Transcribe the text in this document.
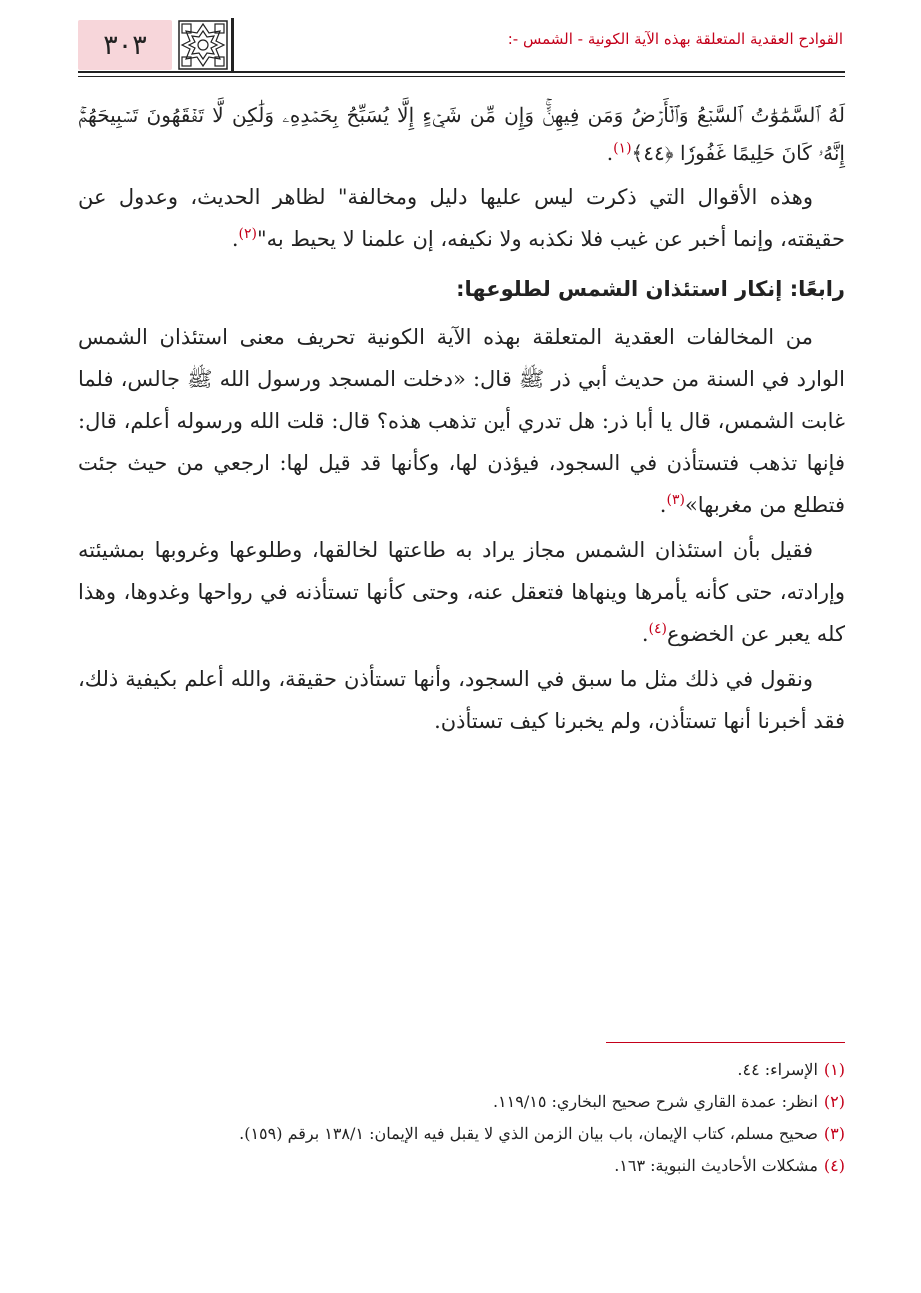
٣٠٣	القوادح العقدية المتعلقة بهذه الآية الكونية - الشمس -:

لَهُ ٱلسَّمَٰوَٰتُ ٱلسَّبۡعُ وَٱلۡأَرۡضُ وَمَن فِيهِنَّۚ وَإِن مِّن شَيۡءٍ إِلَّا يُسَبِّحُ بِحَمۡدِهِۦ وَلَٰكِن لَّا تَفۡقَهُونَ تَسۡبِيحَهُمۡۚ إِنَّهُۥ كَانَ حَلِيمًا غَفُورٗا ﴿٤٤﴾$^{(١)}$.

وهذه الأقوال التي ذكرت ليس عليها دليل ومخالفة" لظاهر الحديث، وعدول عن حقيقته، وإنما أخبر عن غيب فلا نكذبه ولا نكيفه، إن علمنا لا يحيط به"$^{(٢)}$.

رابعًا: إنكار استئذان الشمس لطلوعها:

من المخالفات العقدية المتعلقة بهذه الآية الكونية تحريف معنى استئذان الشمس الوارد في السنة من حديث أبي ذر ﷺ قال: «دخلت المسجد ورسول الله ﷺ جالس، فلما غابت الشمس، قال يا أبا ذر: هل تدري أين تذهب هذه؟ قال: قلت الله ورسوله أعلم، قال: فإنها تذهب فتستأذن في السجود، فيؤذن لها، وكأنها قد قيل لها: ارجعي من حيث جئت فتطلع من مغربها»$^{(٣)}$.

فقيل بأن استئذان الشمس مجاز يراد به طاعتها لخالقها، وطلوعها وغروبها بمشيئته وإرادته، حتى كأنه يأمرها وينهاها فتعقل عنه، وحتى كأنها تستأذنه في رواحها وغدوها، وهذا كله يعبر عن الخضوع$^{(٤)}$.

ونقول في ذلك مثل ما سبق في السجود، وأنها تستأذن حقيقة، والله أعلم بكيفية ذلك، فقد أخبرنا أنها تستأذن، ولم يخبرنا كيف تستأذن.

(١)الإسراء: ٤٤.

(٢)انظر: عمدة القاري شرح صحيح البخاري: ١١٩/١٥.

(٣)صحيح مسلم، كتاب الإيمان، باب بيان الزمن الذي لا يقبل فيه الإيمان: ١٣٨/١ برقم (١٥٩).

(٤)مشكلات الأحاديث النبوية: ١٦٣.
